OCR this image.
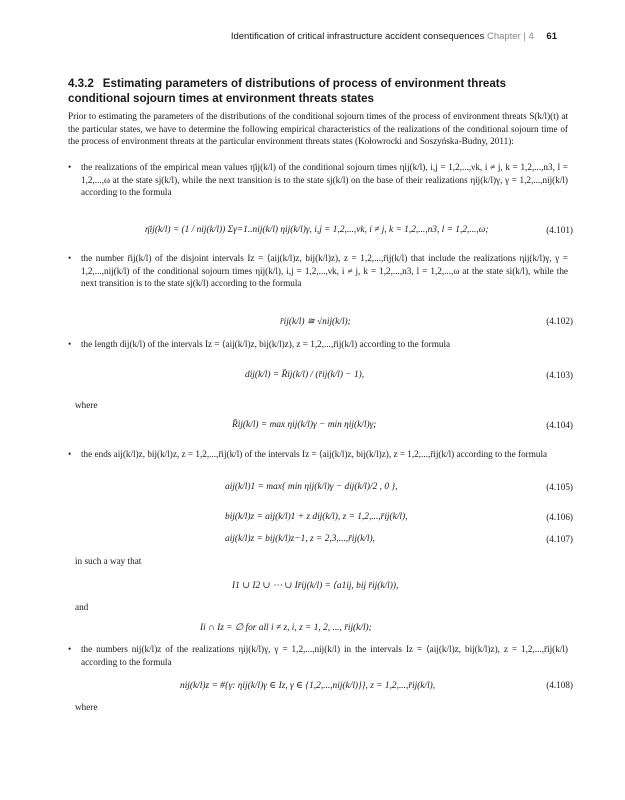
Identification of critical infrastructure accident consequences Chapter | 4 61
4.3.2 Estimating parameters of distributions of process of environment threats conditional sojourn times at environment threats states
Prior to estimating the parameters of the distributions of the conditional sojourn times of the process of environment threats S(k/l)(t) at the particular states, we have to determine the following empirical characteristics of the realizations of the conditional sojourn time of the process of environment threats at the particular environment threats states (Kołowrocki and Soszyńska-Budny, 2011):
• the realizations of the empirical mean values η̄ij(k/l) of the conditional sojourn times ηij(k/l), i,j = 1,2,...,νk, i ≠ j, k = 1,2,...,n3, l = 1,2,...,ω at the state sj(k/l), while the next transition is to the state sj(k/l) on the base of their realizations ηij(k/l)γ, γ = 1,2,...,nij(k/l) according to the formula
η̄ij(k/l) = (1 / nij(k/l)) Σγ=1..nij(k/l) ηij(k/l)γ, i,j = 1,2,...,νk, i ≠ j, k = 1,2,...,n3, l = 1,2,...,ω;	(4.101)
• the number r̄ij(k/l) of the disjoint intervals Iz = ⟨aij(k/l)z, bij(k/l)z), z = 1,2,...,r̄ij(k/l) that include the realizations ηij(k/l)γ, γ = 1,2,...,nij(k/l) of the conditional sojourn times ηij(k/l), i,j = 1,2,...,νk, i ≠ j, k = 1,2,...,n3, l = 1,2,...,ω at the state si(k/l), while the next transition is to the state sj(k/l) according to the formula
r̄ij(k/l) ≅ √nij(k/l);	(4.102)
• the length dij(k/l) of the intervals Iz = ⟨aij(k/l)z, bij(k/l)z), z = 1,2,...,r̄ij(k/l) according to the formula
dij(k/l) = R̄ij(k/l) / (r̄ij(k/l) − 1),	(4.103)
where
R̄ij(k/l) = max ηij(k/l)γ − min ηij(k/l)γ;	(4.104)
• the ends aij(k/l)z, bij(k/l)z, z = 1,2,...,r̄ij(k/l) of the intervals Iz = ⟨aij(k/l)z, bij(k/l)z), z = 1,2,...,r̄ij(k/l) according to the formula
aij(k/l)1 = max{ min ηij(k/l)γ − dij(k/l)/2 , 0 },	(4.105)
bij(k/l)z = aij(k/l)1 + z dij(k/l), z = 1,2,...,r̄ij(k/l),	(4.106)
aij(k/l)z = bij(k/l)z−1, z = 2,3,...,r̄ij(k/l),	(4.107)
in such a way that
I1 ∪ I2 ∪ ⋯ ∪ Ir̄ij(k/l) = ⟨a1ij, bij r̄ij(k/l)),
and
Ii ∩ Iz = ∅ for all i ≠ z, i, z = 1, 2, ..., r̄ij(k/l);
• the numbers nij(k/l)z of the realizations ηij(k/l)γ, γ = 1,2,...,nij(k/l) in the intervals Iz = ⟨aij(k/l)z, bij(k/l)z), z = 1,2,...,r̄ij(k/l) according to the formula
nij(k/l)z = #{γ: ηij(k/l)γ ∈ Iz, γ ∈ {1,2,...,nij(k/l)}}, z = 1,2,...,r̄ij(k/l),	(4.108)
where
